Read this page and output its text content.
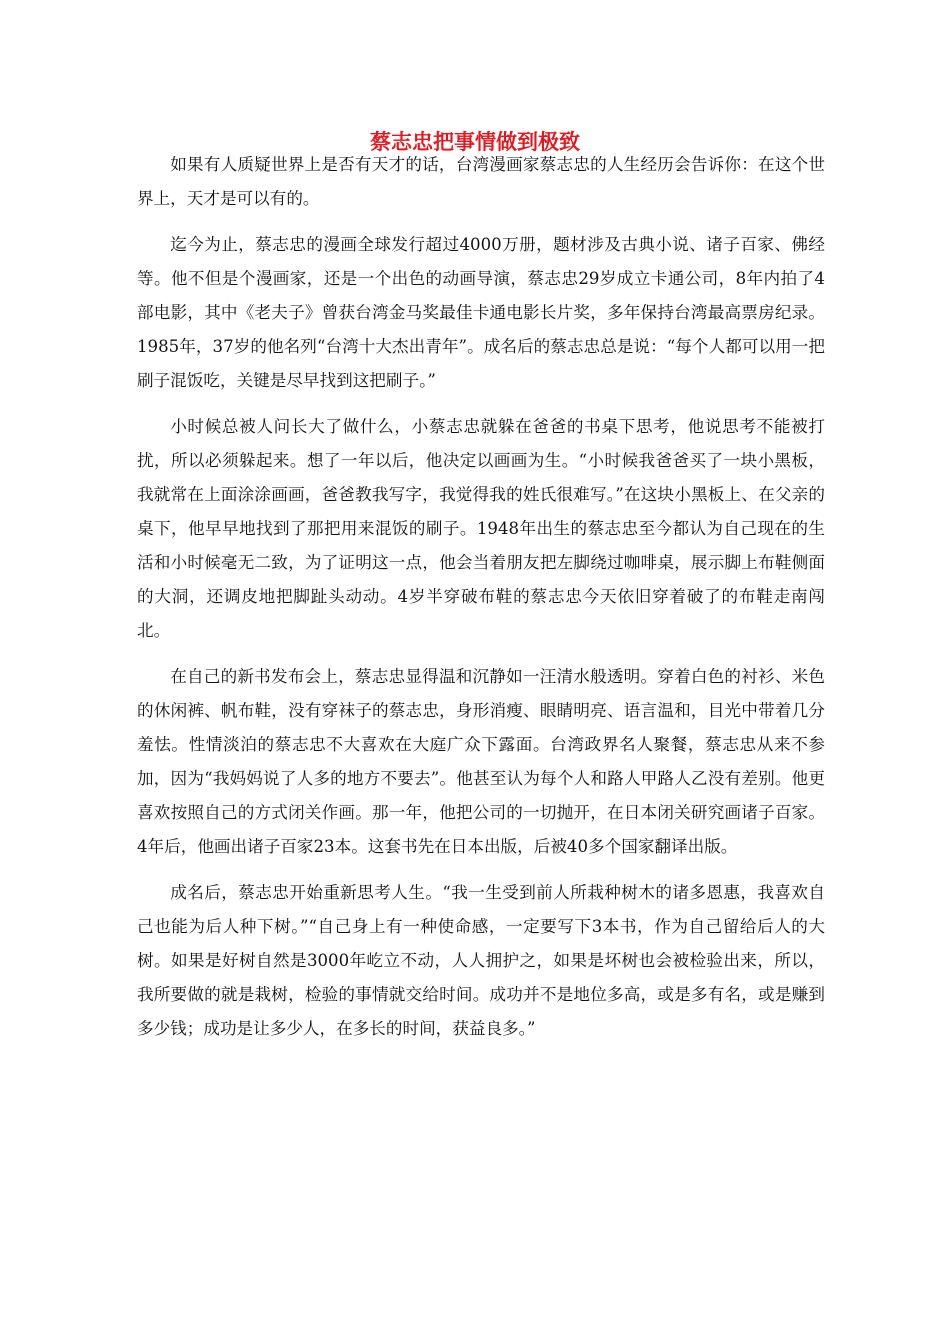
蔡志忠把事情做到极致

如果有人质疑世界上是否有天才的话，台湾漫画家蔡志忠的人生经历会告诉你：在这个世界上，天才是可以有的。

迄今为止，蔡志忠的漫画全球发行超过4000万册，题材涉及古典小说、诸子百家、佛经等。他不但是个漫画家，还是一个出色的动画导演，蔡志忠29岁成立卡通公司，8年内拍了4部电影，其中《老夫子》曾获台湾金马奖最佳卡通电影长片奖，多年保持台湾最高票房纪录。1985年，37岁的他名列“台湾十大杰出青年”。成名后的蔡志忠总是说：“每个人都可以用一把刷子混饭吃，关键是尽早找到这把刷子。”

小时候总被人问长大了做什么，小蔡志忠就躲在爸爸的书桌下思考，他说思考不能被打扰，所以必须躲起来。想了一年以后，他决定以画画为生。“小时候我爸爸买了一块小黑板，我就常在上面涂涂画画，爸爸教我写字，我觉得我的姓氏很难写。”在这块小黑板上、在父亲的桌下，他早早地找到了那把用来混饭的刷子。1948年出生的蔡志忠至今都认为自己现在的生活和小时候毫无二致，为了证明这一点，他会当着朋友把左脚绕过咖啡桌，展示脚上布鞋侧面的大洞，还调皮地把脚趾头动动。4岁半穿破布鞋的蔡志忠今天依旧穿着破了的布鞋走南闯北。

在自己的新书发布会上，蔡志忠显得温和沉静如一汪清水般透明。穿着白色的衬衫、米色的休闲裤、帆布鞋，没有穿袜子的蔡志忠，身形消瘦、眼睛明亮、语言温和，目光中带着几分羞怯。性情淡泊的蔡志忠不大喜欢在大庭广众下露面。台湾政界名人聚餐，蔡志忠从来不参加，因为“我妈妈说了人多的地方不要去”。他甚至认为每个人和路人甲路人乙没有差别。他更喜欢按照自己的方式闭关作画。那一年，他把公司的一切抛开，在日本闭关研究画诸子百家。4年后，他画出诸子百家23本。这套书先在日本出版，后被40多个国家翻译出版。

成名后，蔡志忠开始重新思考人生。“我一生受到前人所栽种树木的诸多恩惠，我喜欢自己也能为后人种下树。”“自己身上有一种使命感，一定要写下3本书，作为自己留给后人的大树。如果是好树自然是3000年屹立不动，人人拥护之，如果是坏树也会被检验出来，所以，我所要做的就是栽树，检验的事情就交给时间。成功并不是地位多高，或是多有名，或是赚到多少钱；成功是让多少人，在多长的时间，获益良多。”
